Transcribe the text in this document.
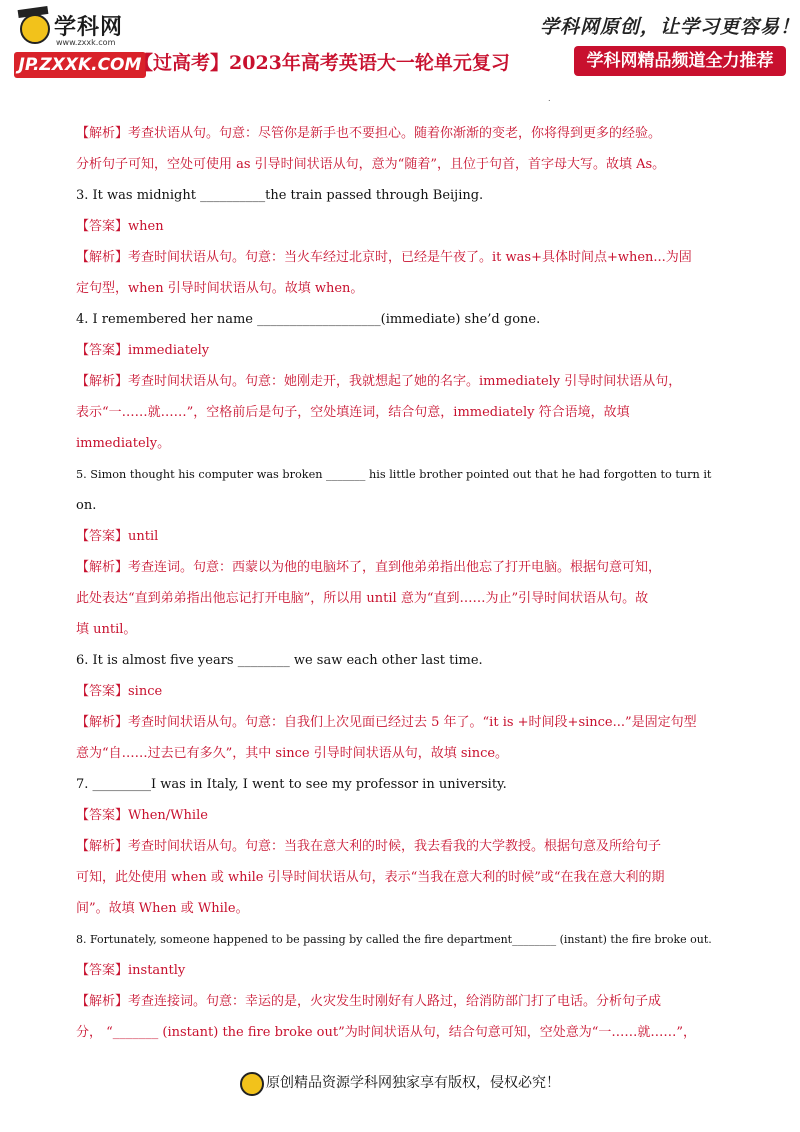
学科网
www.zxxk.com
JP.ZXXK.COM
【过高考】2023年高考英语大一轮单元复习
学科网原创，让学习更容易！
学科网精品频道全力推荐
.
【解析】考查状语从句。句意：尽管你是新手也不要担心。随着你渐渐的变老，你将得到更多的经验。
分析句子可知，空处可使用 as 引导时间状语从句，意为“随着”，且位于句首，首字母大写。故填 As。
3. It was midnight __________the train passed through Beijing.
【答案】when
【解析】考查时间状语从句。句意：当火车经过北京时，已经是午夜了。it was+具体时间点+when...为固
定句型，when 引导时间状语从句。故填 when。
4. I remembered her name ___________________(immediate) she’d gone.
【答案】immediately
【解析】考查时间状语从句。句意：她刚走开，我就想起了她的名字。immediately 引导时间状语从句，
表示“一……就……”，空格前后是句子，空处填连词，结合句意，immediately 符合语境，故填
immediately。
5. Simon thought his computer was broken _______ his little brother pointed out that he had forgotten to turn it
on.
【答案】until
【解析】考查连词。句意：西蒙以为他的电脑坏了，直到他弟弟指出他忘了打开电脑。根据句意可知，
此处表达“直到弟弟指出他忘记打开电脑”，所以用 until 意为“直到……为止”引导时间状语从句。故
填 until。
6. It is almost five years ________ we saw each other last time.
【答案】since
【解析】考查时间状语从句。句意：自我们上次见面已经过去 5 年了。“it is +时间段+since...”是固定句型
意为“自……过去已有多久”，其中 since 引导时间状语从句，故填 since。
7. _________I was in Italy, I went to see my professor in university.
【答案】When/While
【解析】考查时间状语从句。句意：当我在意大利的时候，我去看我的大学教授。根据句意及所给句子
可知，此处使用 when 或 while 引导时间状语从句，表示“当我在意大利的时候”或“在我在意大利的期
间”。故填 When 或 While。
8. Fortunately, someone happened to be passing by called the fire department________ (instant) the fire broke out.
【答案】instantly
【解析】考查连接词。句意：幸运的是，火灾发生时刚好有人路过，给消防部门打了电话。分析句子成
分， “_______ (instant) the fire broke out”为时间状语从句，结合句意可知，空处意为“一……就……”，
原创精品资源学科网独家享有版权，侵权必究！
